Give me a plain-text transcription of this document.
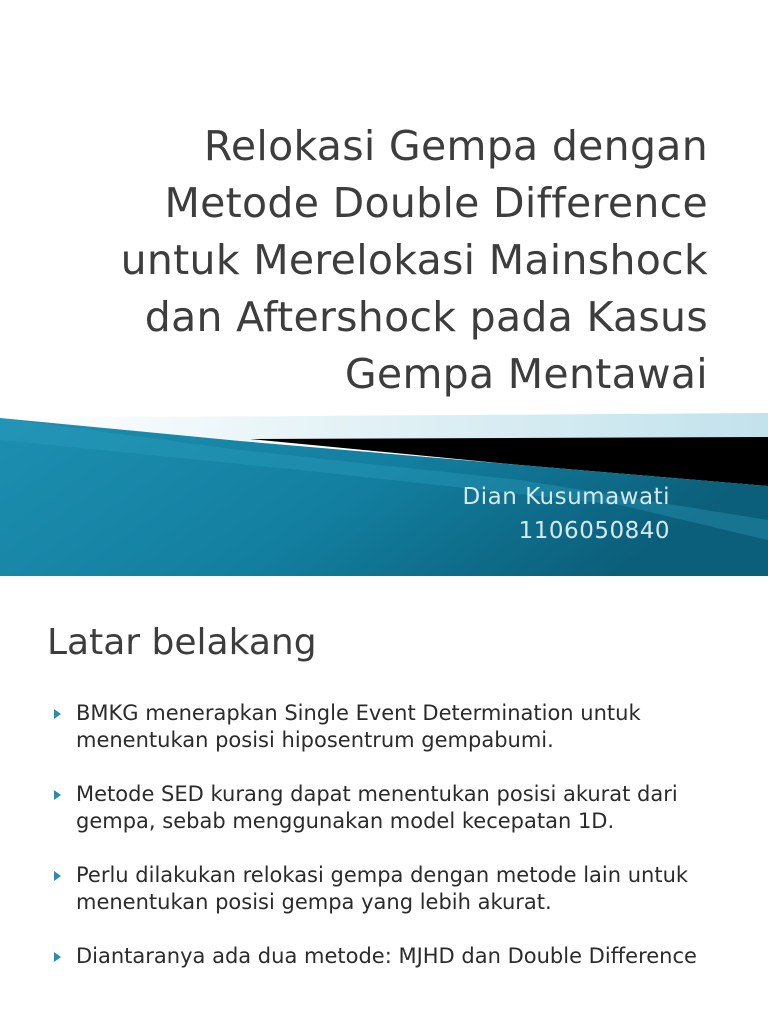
Relokasi Gempa dengan
Metode Double Difference
untuk Merelokasi Mainshock
dan Aftershock pada Kasus
Gempa Mentawai
Dian Kusumawati
1106050840
Latar belakang
BMKG menerapkan Single Event Determination untuk menentukan posisi hiposentrum gempabumi.
Metode SED kurang dapat menentukan posisi akurat dari gempa, sebab menggunakan model kecepatan 1D.
Perlu dilakukan relokasi gempa dengan metode lain untuk menentukan posisi gempa yang lebih akurat.
Diantaranya ada dua metode: MJHD dan Double Difference
